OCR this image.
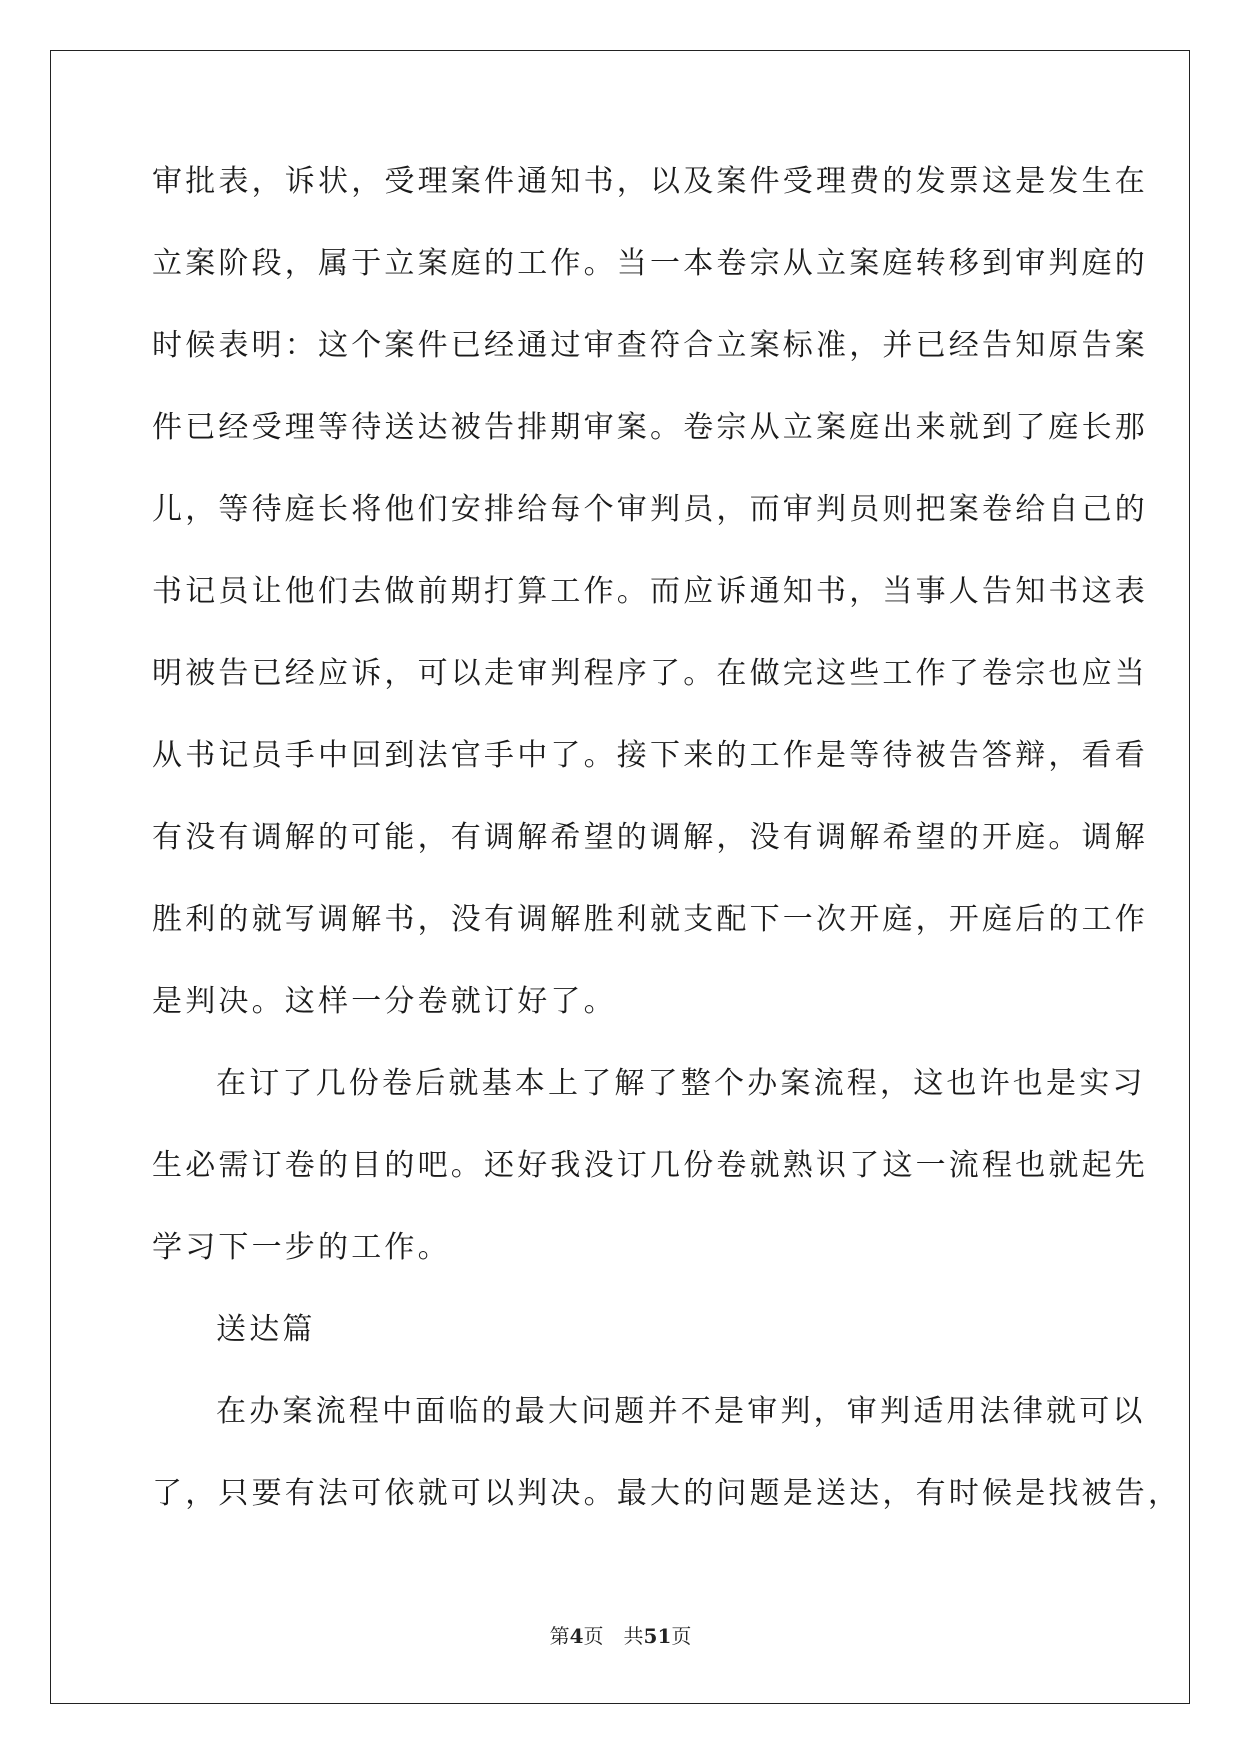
审批表，诉状，受理案件通知书，以及案件受理费的发票这是发生在
立案阶段，属于立案庭的工作。当一本卷宗从立案庭转移到审判庭的
时候表明：这个案件已经通过审查符合立案标准，并已经告知原告案
件已经受理等待送达被告排期审案。卷宗从立案庭出来就到了庭长那
儿，等待庭长将他们安排给每个审判员，而审判员则把案卷给自己的
书记员让他们去做前期打算工作。而应诉通知书，当事人告知书这表
明被告已经应诉，可以走审判程序了。在做完这些工作了卷宗也应当
从书记员手中回到法官手中了。接下来的工作是等待被告答辩，看看
有没有调解的可能，有调解希望的调解，没有调解希望的开庭。调解
胜利的就写调解书，没有调解胜利就支配下一次开庭，开庭后的工作
是判决。这样一分卷就订好了。
在订了几份卷后就基本上了解了整个办案流程，这也许也是实习
生必需订卷的目的吧。还好我没订几份卷就熟识了这一流程也就起先
学习下一步的工作。
送达篇
在办案流程中面临的最大问题并不是审判，审判适用法律就可以
了，只要有法可依就可以判决。最大的问题是送达，有时候是找被告，
第4页 共51页
